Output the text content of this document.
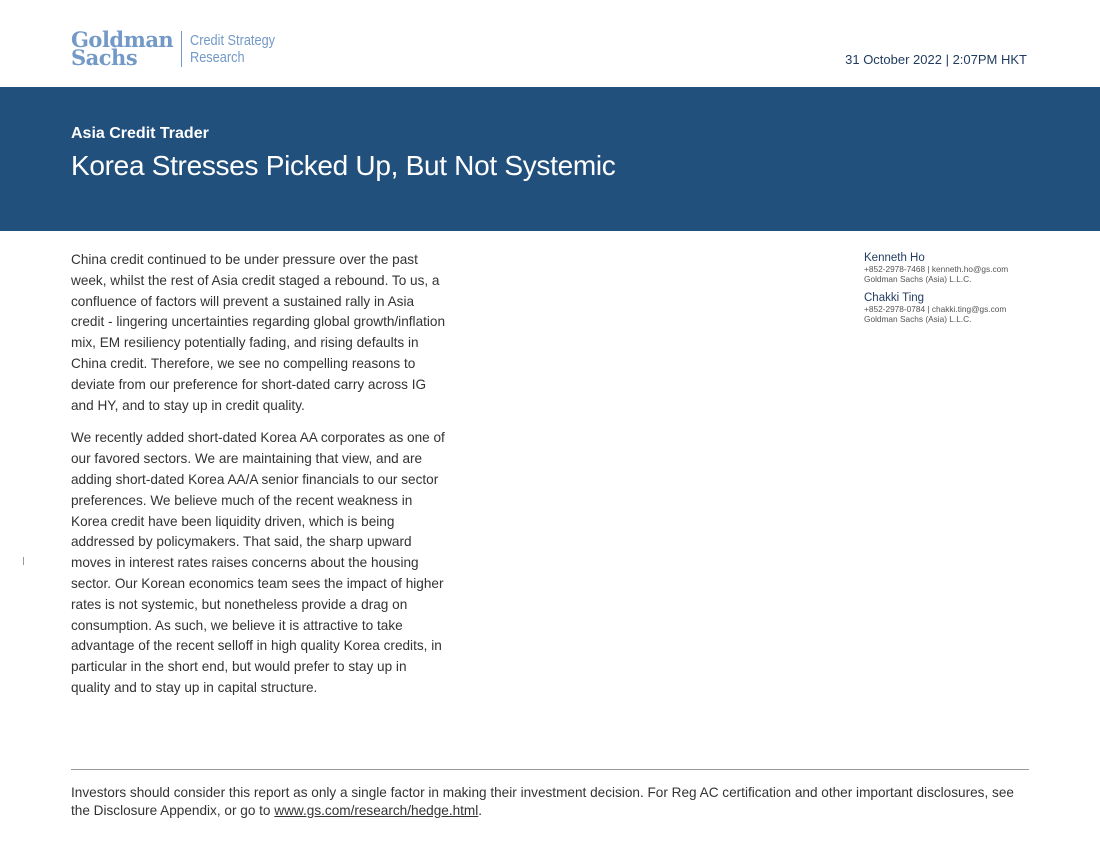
Goldman
Sachs
Credit Strategy
Research	31 October 2022 | 2:07PM HKT
Asia Credit Trader
Korea Stresses Picked Up, But Not Systemic

China credit continued to be under pressure over the past week, whilst the rest of Asia credit staged a rebound. To us, a confluence of factors will prevent a sustained rally in Asia credit - lingering uncertainties regarding global growth/inflation mix, EM resiliency potentially fading, and rising defaults in China credit. Therefore, we see no compelling reasons to deviate from our preference for short-dated carry across IG and HY, and to stay up in credit quality.

We recently added short-dated Korea AA corporates as one of our favored sectors. We are maintaining that view, and are adding short-dated Korea AA/A senior financials to our sector preferences. We believe much of the recent weakness in Korea credit have been liquidity driven, which is being addressed by policymakers. That said, the sharp upward moves in interest rates raises concerns about the housing sector. Our Korean economics team sees the impact of higher rates is not systemic, but nonetheless provide a drag on consumption. As such, we believe it is attractive to take advantage of the recent selloff in high quality Korea credits, in particular in the short end, but would prefer to stay up in quality and to stay up in capital structure.

Kenneth Ho
+852-2978-7468 | kenneth.ho@gs.com
Goldman Sachs (Asia) L.L.C.
Chakki Ting
+852-2978-0784 | chakki.ting@gs.com
Goldman Sachs (Asia) L.L.C.
Investors should consider this report as only a single factor in making their investment decision. For Reg AC certification and other important disclosures, see the Disclosure Appendix, or go to www.gs.com/research/hedge.html.
